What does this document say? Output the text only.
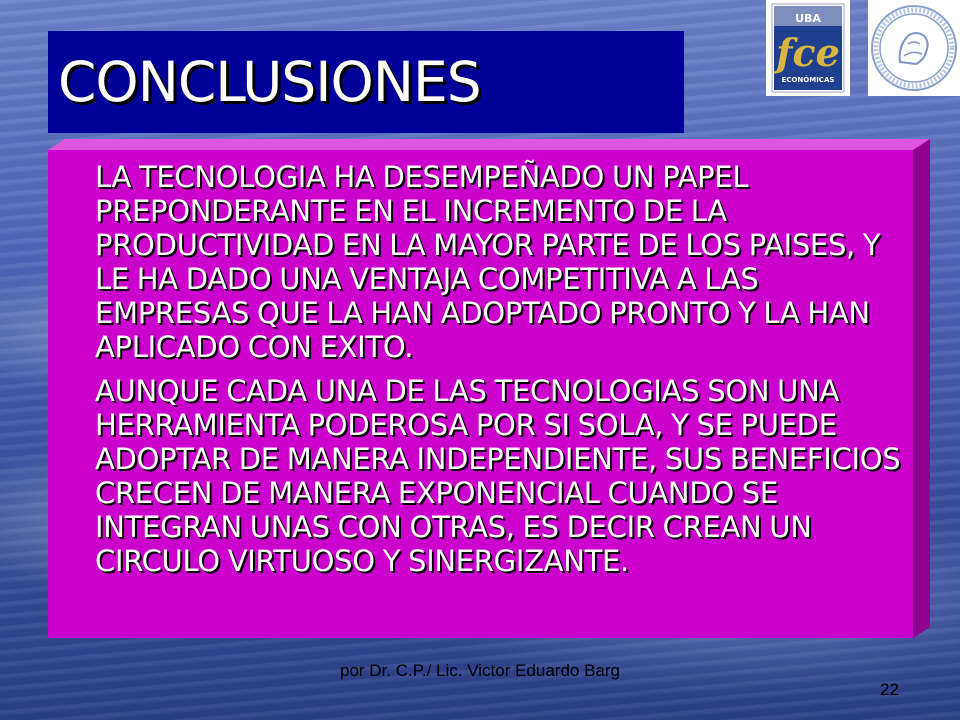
CONCLUSIONES
UBA
fce
ECONÓMICAS

LA TECNOLOGIA HA DESEMPEÑADO UN PAPEL PREPONDERANTE EN EL INCREMENTO DE LA PRODUCTIVIDAD EN LA MAYOR PARTE DE LOS PAISES, Y LE HA DADO UNA VENTAJA COMPETITIVA A LAS EMPRESAS QUE LA HAN ADOPTADO PRONTO Y LA HAN APLICADO CON EXITO.

AUNQUE CADA UNA DE LAS TECNOLOGIAS SON UNA HERRAMIENTA PODEROSA POR SI SOLA, Y SE PUEDE ADOPTAR DE MANERA INDEPENDIENTE, SUS BENEFICIOS CRECEN DE MANERA EXPONENCIAL CUANDO SE INTEGRAN UNAS CON OTRAS, ES DECIR CREAN UN CIRCULO VIRTUOSO Y SINERGIZANTE.

por Dr. C.P./ Lic. Victor Eduardo Barg
22
